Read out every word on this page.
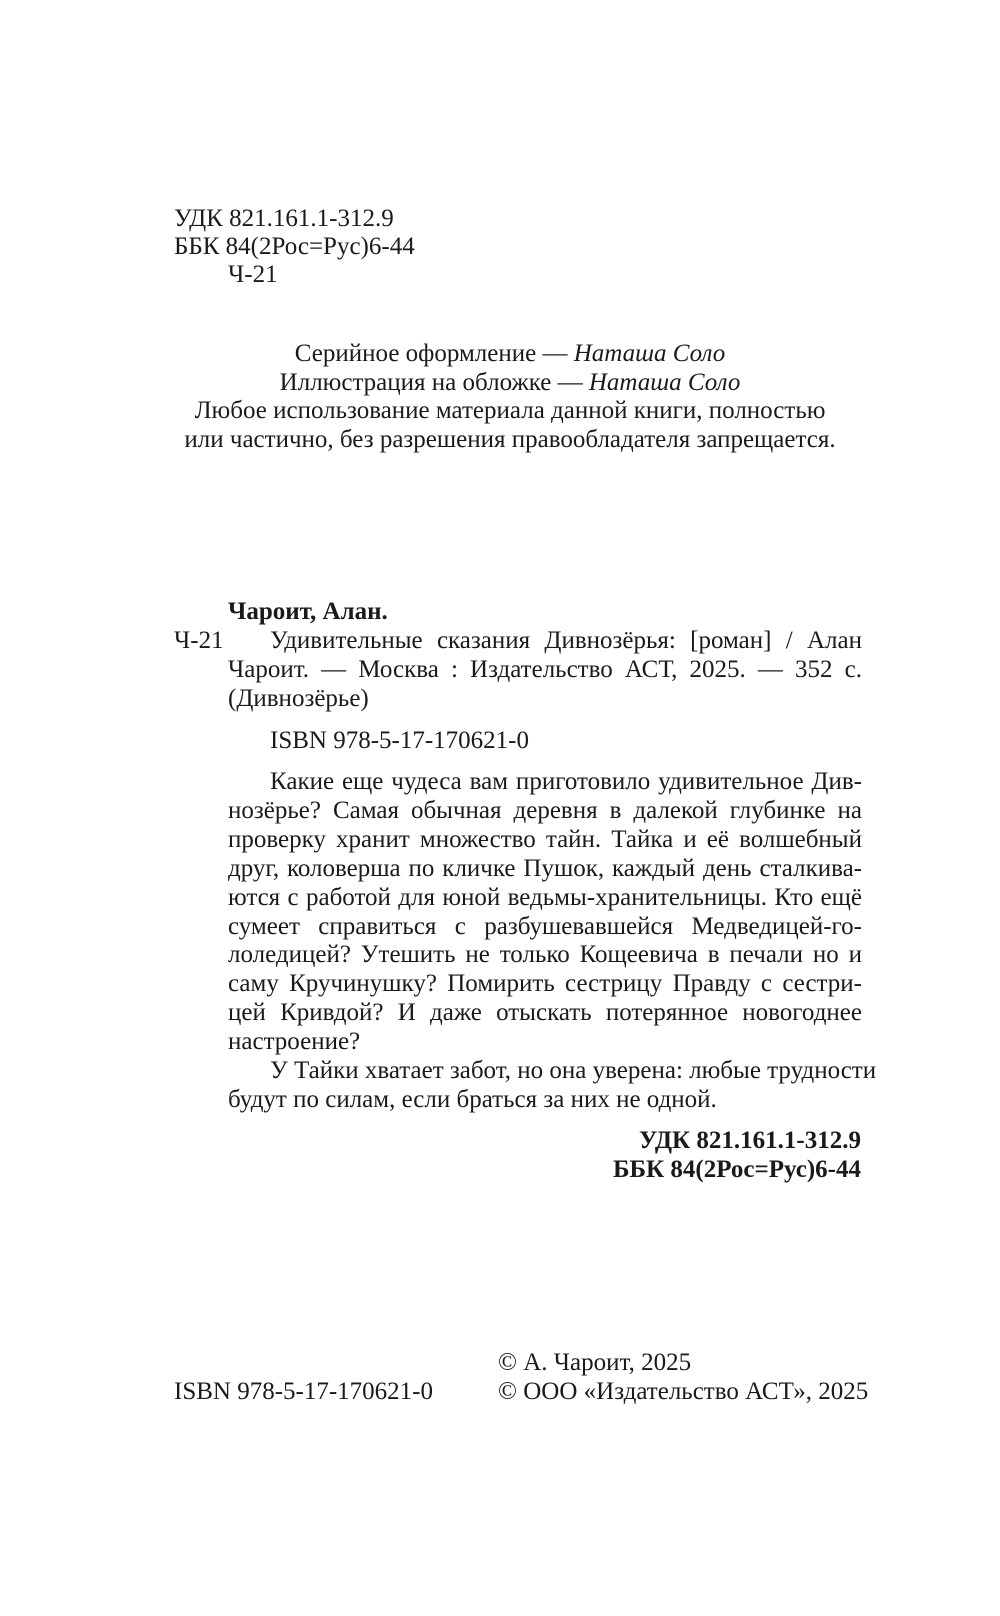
УДК 821.161.1-312.9
ББК 84(2Рос=Рус)6-44
Ч-21
Серийное оформление — Наташа Соло
Иллюстрация на обложке — Наташа Соло
Любое использование материала данной книги, полностью
или частично, без разрешения правообладателя запрещается.
Чароит, Алан.
Ч-21 Удивительные сказания Дивнозёрья: [роман] / Алан
Чароит. — Москва : Издательство АСТ, 2025. — 352 с.
(Дивнозёрье)
ISBN 978-5-17-170621-0
Какие еще чудеса вам приготовило удивительное Див-
нозёрье? Самая обычная деревня в далекой глубинке на
проверку хранит множество тайн. Тайка и её волшебный
друг, коловерша по кличке Пушок, каждый день сталкива-
ются с работой для юной ведьмы-хранительницы. Кто ещё
сумеет справиться с разбушевавшейся Медведицей-го-
лоледицей? Утешить не только Кощеевича в печали но и
саму Кручинушку? Помирить сестрицу Правду с сестри-
цей Кривдой? И даже отыскать потерянное новогоднее
настроение?
У Тайки хватает забот, но она уверена: любые трудности
будут по силам, если браться за них не одной.
УДК 821.161.1-312.9
ББК 84(2Рос=Рус)6-44
ISBN 978-5-17-170621-0
© А. Чароит, 2025
© ООО «Издательство АСТ», 2025
